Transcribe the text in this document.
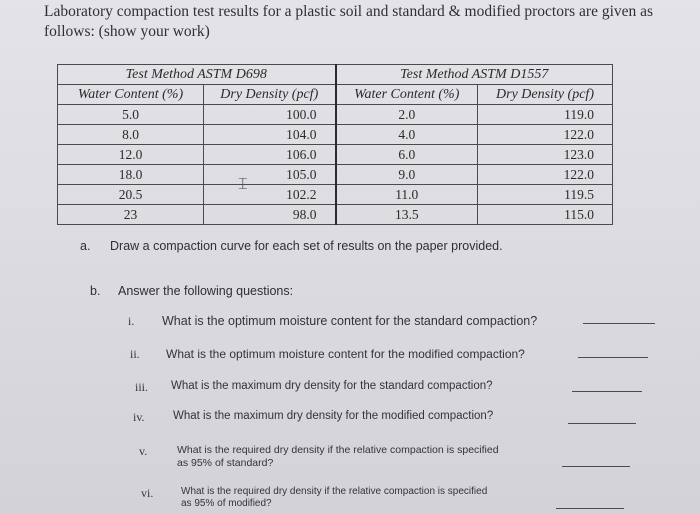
Laboratory compaction test results for a plastic soil and standard & modified proctors are given as
follows: (show your work)
Test Method ASTM D698		Test Method ASTM D1557	
Water Content (%)	Dry Density (pcf)	Water Content (%)	Dry Density (pcf)
5.0	100.0	2.0	119.0
8.0	104.0	4.0	122.0
12.0	106.0	6.0	123.0
18.0	105.0	9.0	122.0
20.5	102.2	11.0	119.5
23	98.0	13.5	115.0
⌶
a. Draw a compaction curve for each set of results on the paper provided.
b. Answer the following questions:
i. What is the optimum moisture content for the standard compaction?
ii. What is the optimum moisture content for the modified compaction?
iii. What is the maximum dry density for the standard compaction?
iv. What is the maximum dry density for the modified compaction?
v.	What is the required dry density if the relative compaction is specified
as 95% of standard?
vi.	What is the required dry density if the relative compaction is specified
as 95% of modified?
